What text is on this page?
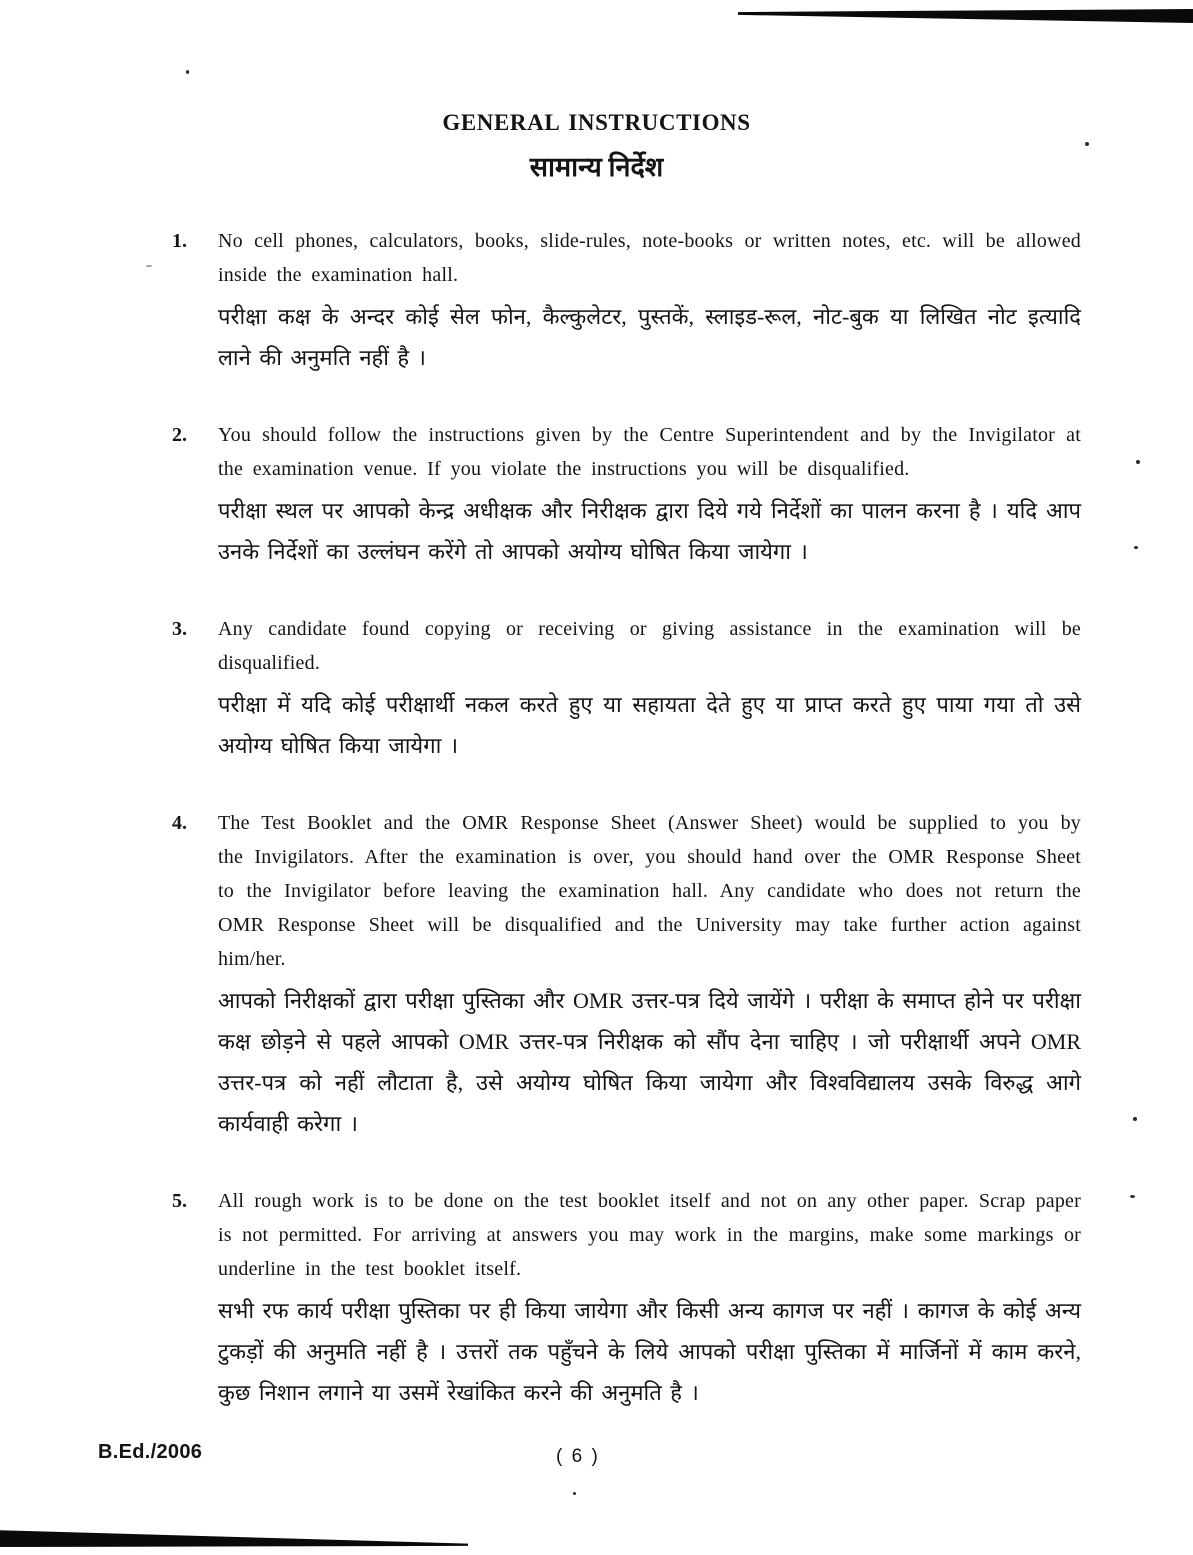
GENERAL INSTRUCTIONS
सामान्य निर्देश
1.	No cell phones, calculators, books, slide-rules, note-books or written notes, etc. will be allowed inside the examination hall.

परीक्षा कक्ष के अन्दर कोई सेल फोन, कैल्कुलेटर, पुस्तकें, स्लाइड-रूल, नोट-बुक या लिखित नोट इत्यादि लाने की अनुमति नहीं है ।

2.	You should follow the instructions given by the Centre Superintendent and by the Invigilator at the examination venue. If you violate the instructions you will be disqualified.

परीक्षा स्थल पर आपको केन्द्र अधीक्षक और निरीक्षक द्वारा दिये गये निर्देशों का पालन करना है । यदि आप उनके निर्देशों का उल्लंघन करेंगे तो आपको अयोग्य घोषित किया जायेगा ।

3.	Any candidate found copying or receiving or giving assistance in the examination will be disqualified.

परीक्षा में यदि कोई परीक्षार्थी नकल करते हुए या सहायता देते हुए या प्राप्त करते हुए पाया गया तो उसे अयोग्य घोषित किया जायेगा ।

4.	The Test Booklet and the OMR Response Sheet (Answer Sheet) would be supplied to you by the Invigilators. After the examination is over, you should hand over the OMR Response Sheet to the Invigilator before leaving the examination hall. Any candidate who does not return the OMR Response Sheet will be disqualified and the University may take further action against him/her.

आपको निरीक्षकों द्वारा परीक्षा पुस्तिका और OMR उत्तर-पत्र दिये जायेंगे । परीक्षा के समाप्त होने पर परीक्षा कक्ष छोड़ने से पहले आपको OMR उत्तर-पत्र निरीक्षक को सौंप देना चाहिए । जो परीक्षार्थी अपने OMR उत्तर-पत्र को नहीं लौटाता है, उसे अयोग्य घोषित किया जायेगा और विश्वविद्यालय उसके विरुद्ध आगे कार्यवाही करेगा ।

5.	All rough work is to be done on the test booklet itself and not on any other paper. Scrap paper is not permitted. For arriving at answers you may work in the margins, make some markings or underline in the test booklet itself.

सभी रफ कार्य परीक्षा पुस्तिका पर ही किया जायेगा और किसी अन्य कागज पर नहीं । कागज के कोई अन्य टुकड़ों की अनुमति नहीं है । उत्तरों तक पहुँचने के लिये आपको परीक्षा पुस्तिका में मार्जिनों में काम करने, कुछ निशान लगाने या उसमें रेखांकित करने की अनुमति है ।

B.Ed./2006	( 6 )
